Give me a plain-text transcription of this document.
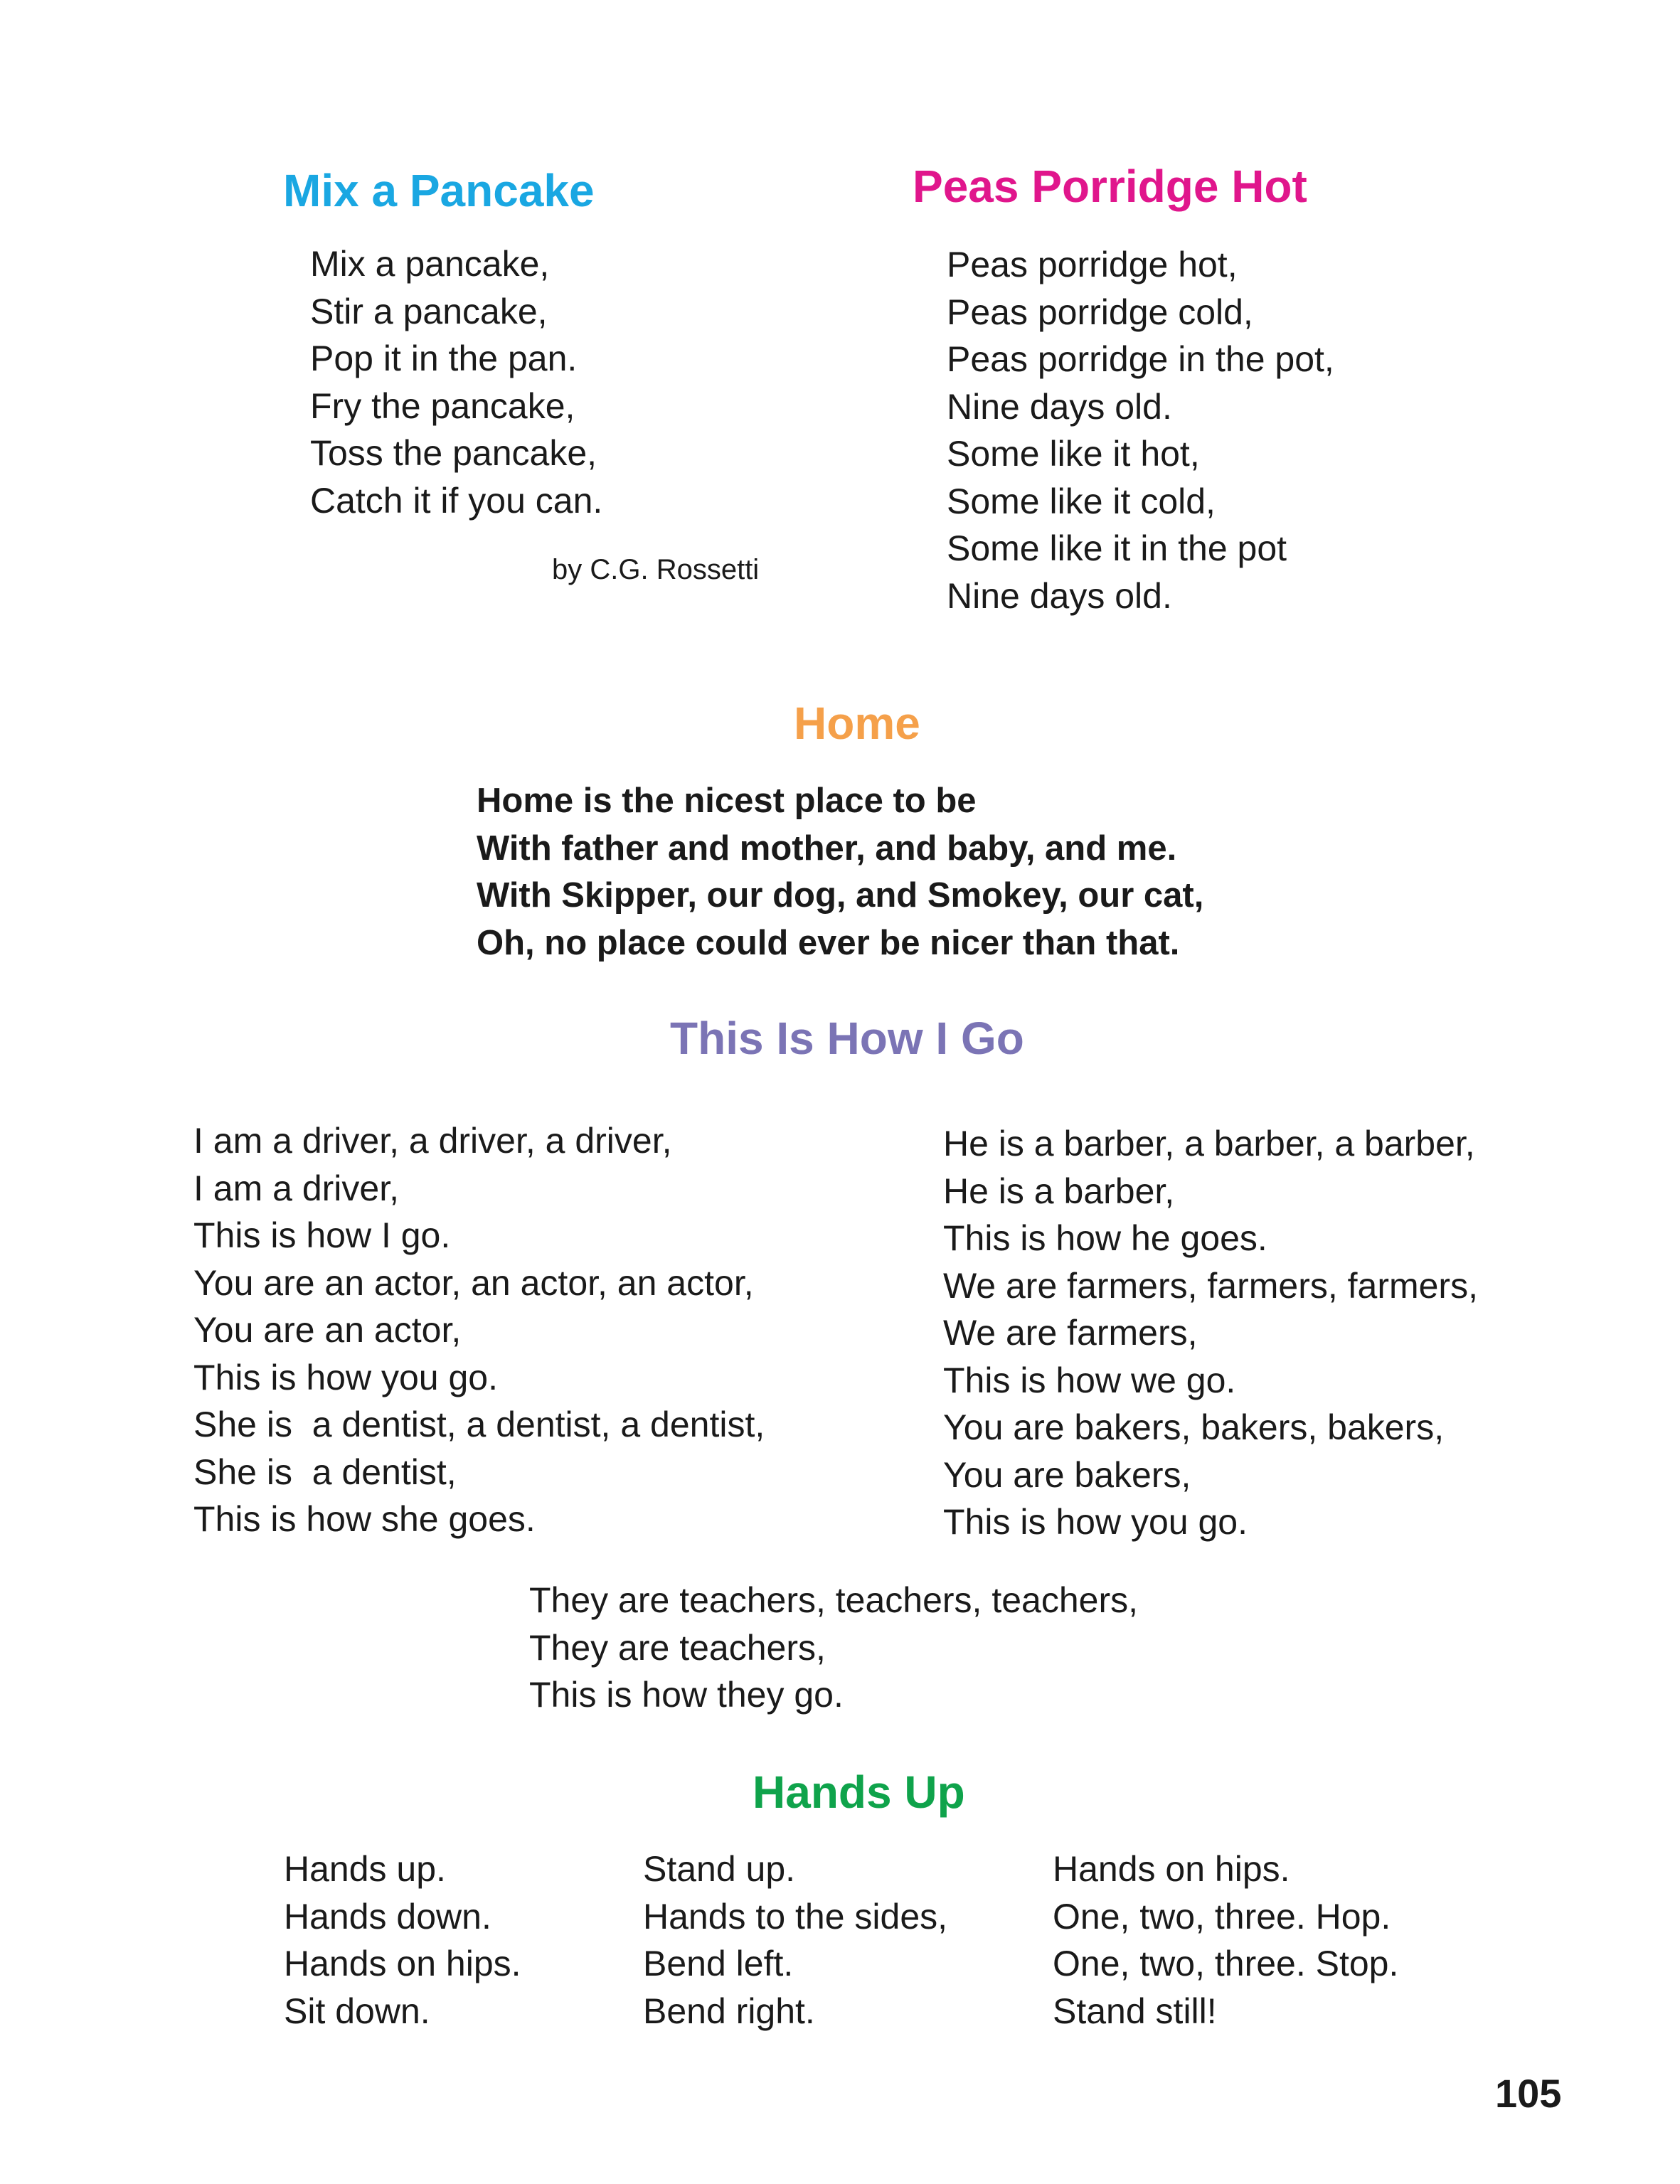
Mix a Pancake
Mix a pancake,
Stir a pancake,
Pop it in the pan.
Fry the pancake,
Toss the pancake,
Catch it if you can.

by C.G. Rossetti

Peas Porridge Hot
Peas porridge hot,
Peas porridge cold,
Peas porridge in the pot,
Nine days old.
Some like it hot,
Some like it cold,
Some like it in the pot
Nine days old.
Home
Home is the nicest place to be
With father and mother, and baby, and me.
With Skipper, our dog, and Smokey, our cat,
Oh, no place could ever be nicer than that.
This Is How I Go
I am a driver, a driver, a driver,
I am a driver,
This is how I go.
You are an actor, an actor, an actor,
You are an actor,
This is how you go.
She is  a dentist, a dentist, a dentist,
She is  a dentist,
This is how she goes.
He is a barber, a barber, a barber,
He is a barber,
This is how he goes.
We are farmers, farmers, farmers,
We are farmers,
This is how we go.
You are bakers, bakers, bakers,
You are bakers,
This is how you go.
They are teachers, teachers, teachers,
They are teachers,
This is how they go.
Hands Up
Hands up.
Hands down.
Hands on hips.
Sit down.
Stand up.
Hands to the sides,
Bend left.
Bend right.
Hands on hips.
One, two, three. Hop.
One, two, three. Stop.
Stand still!

105
